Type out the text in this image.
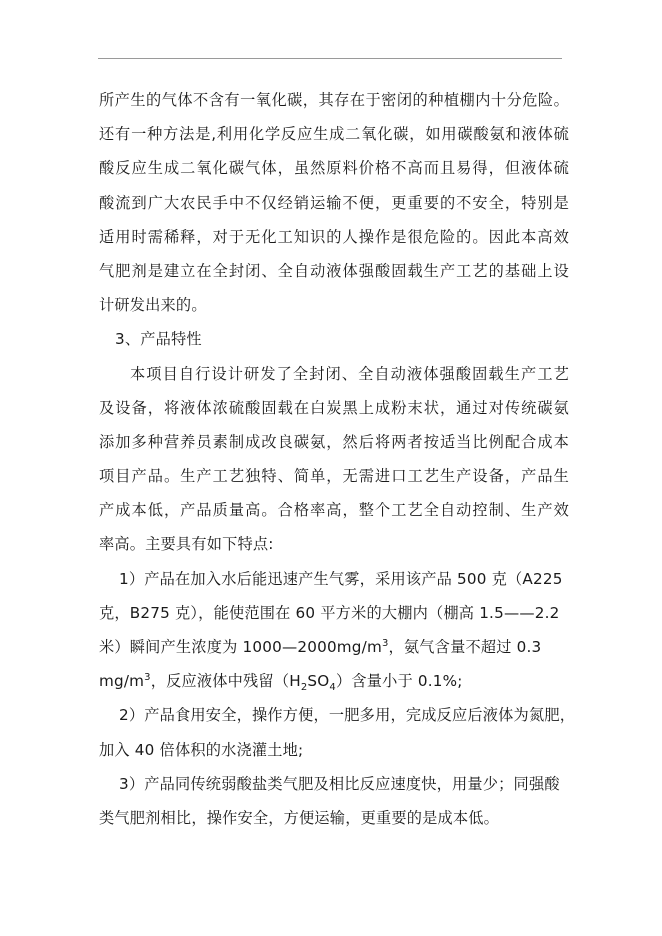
所产生的气体不含有一氧化碳，其存在于密闭的种植棚内十分危险。
还有一种方法是,利用化学反应生成二氧化碳，如用碳酸氨和液体硫
酸反应生成二氧化碳气体，虽然原料价格不高而且易得，但液体硫
酸流到广大农民手中不仅经销运输不便，更重要的不安全，特别是
适用时需稀释，对于无化工知识的人操作是很危险的。因此本高效
气肥剂是建立在全封闭、全自动液体强酸固载生产工艺的基础上设
计研发出来的。
3、产品特性
本项目自行设计研发了全封闭、全自动液体强酸固载生产工艺
及设备，将液体浓硫酸固载在白炭黑上成粉末状，通过对传统碳氨
添加多种营养员素制成改良碳氨，然后将两者按适当比例配合成本
项目产品。生产工艺独特、简单，无需进口工艺生产设备，产品生
产成本低，产品质量高。合格率高，整个工艺全自动控制、生产效
率高。主要具有如下特点:
1）产品在加入水后能迅速产生气雾，采用该产品 500 克（A225
克，B275 克），能使范围在 60 平方米的大棚内（棚高 1.5——2.2
米）瞬间产生浓度为 $1000—2000mg/m^3$，氨气含量不超过 0.3
$mg/m^3$，反应液体中残留$(H_2SO_4)$含量小于 0.1%;
2）产品食用安全，操作方便，一肥多用，完成反应后液体为氮肥，
加入 40 倍体积的水浇灌土地;
3）产品同传统弱酸盐类气肥及相比反应速度快，用量少；同强酸
类气肥剂相比，操作安全，方便运输，更重要的是成本低。
